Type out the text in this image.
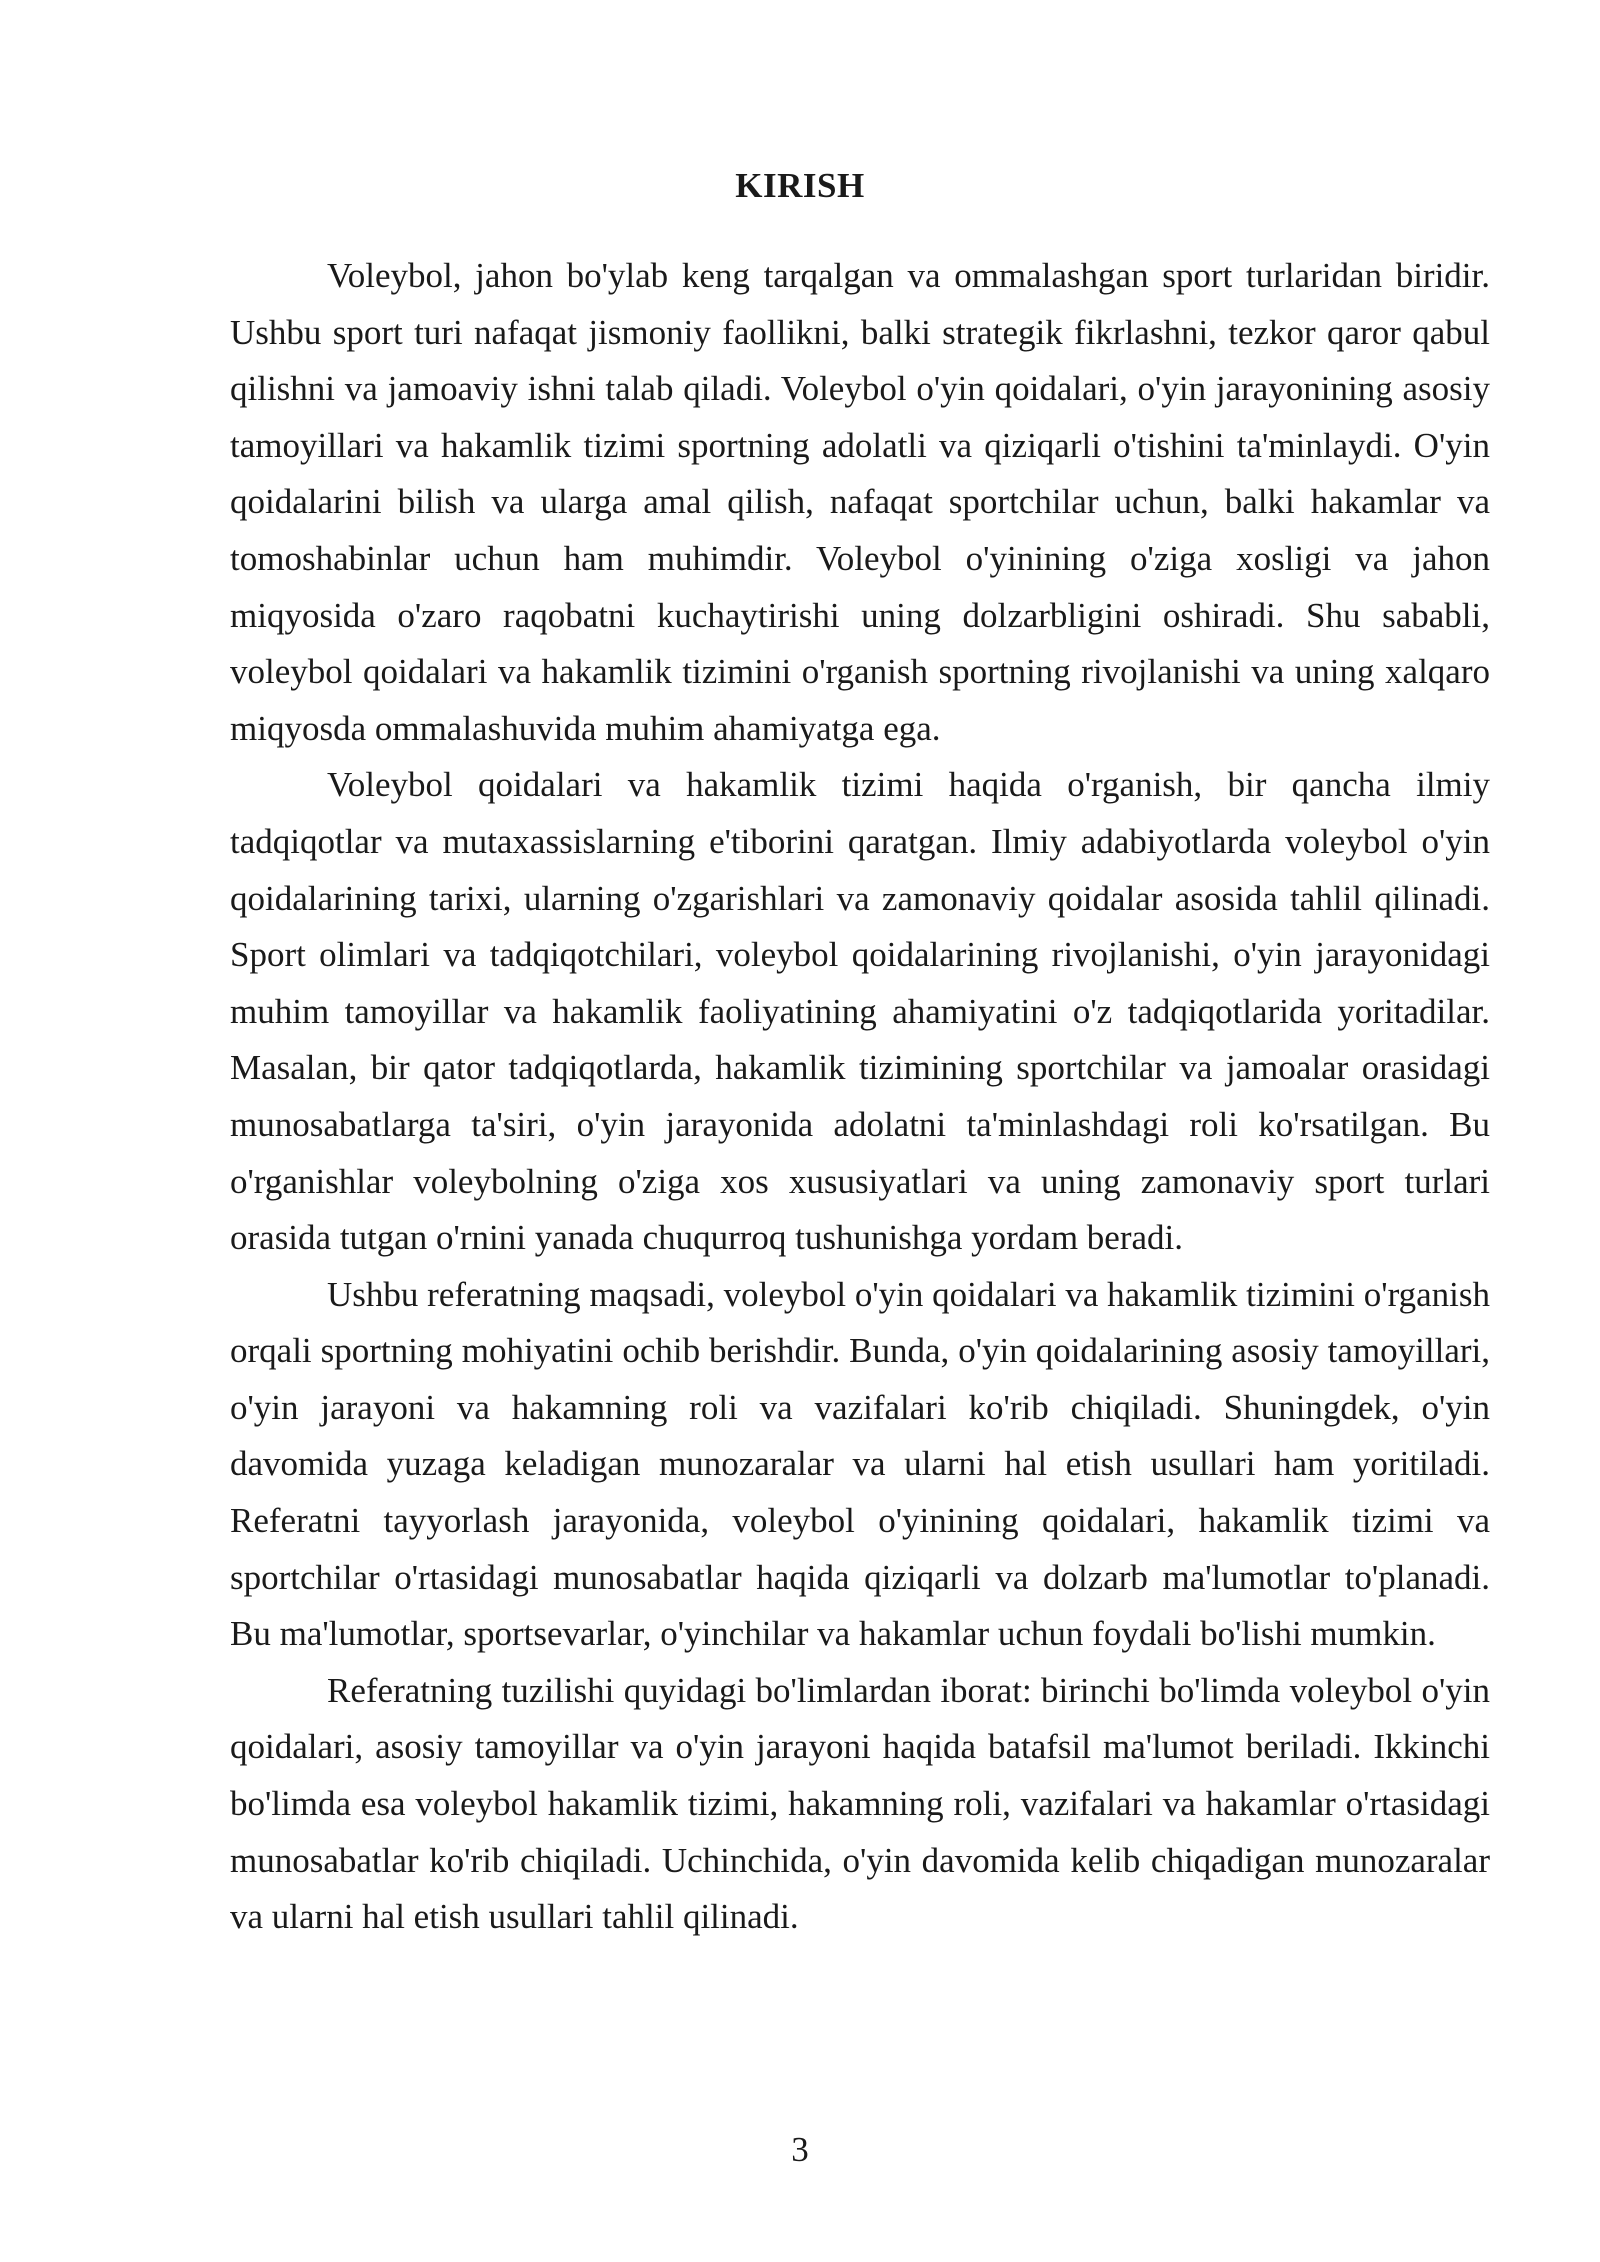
KIRISH

Voleybol, jahon bo'ylab keng tarqalgan va ommalashgan sport turlaridan biridir. Ushbu sport turi nafaqat jismoniy faollikni, balki strategik fikrlashni, tezkor qaror qabul qilishni va jamoaviy ishni talab qiladi. Voleybol o'yin qoidalari, o'yin jarayonining asosiy tamoyillari va hakamlik tizimi sportning adolatli va qiziqarli o'tishini ta'minlaydi. O'yin qoidalarini bilish va ularga amal qilish, nafaqat sportchilar uchun, balki hakamlar va tomoshabinlar uchun ham muhimdir. Voleybol o'yinining o'ziga xosligi va jahon miqyosida o'zaro raqobatni kuchaytirishi uning dolzarbligini oshiradi. Shu sababli, voleybol qoidalari va hakamlik tizimini o'rganish sportning rivojlanishi va uning xalqaro miqyosda ommalashuvida muhim ahamiyatga ega.

Voleybol qoidalari va hakamlik tizimi haqida o'rganish, bir qancha ilmiy tadqiqotlar va mutaxassislarning e'tiborini qaratgan. Ilmiy adabiyotlarda voleybol o'yin qoidalarining tarixi, ularning o'zgarishlari va zamonaviy qoidalar asosida tahlil qilinadi. Sport olimlari va tadqiqotchilari, voleybol qoidalarining rivojlanishi, o'yin jarayonidagi muhim tamoyillar va hakamlik faoliyatining ahamiyatini o'z tadqiqotlarida yoritadilar. Masalan, bir qator tadqiqotlarda, hakamlik tizimining sportchilar va jamoalar orasidagi munosabatlarga ta'siri, o'yin jarayonida adolatni ta'minlashdagi roli ko'rsatilgan. Bu o'rganishlar voleybolning o'ziga xos xususiyatlari va uning zamonaviy sport turlari orasida tutgan o'rnini yanada chuqurroq tushunishga yordam beradi.

Ushbu referatning maqsadi, voleybol o'yin qoidalari va hakamlik tizimini o'rganish orqali sportning mohiyatini ochib berishdir. Bunda, o'yin qoidalarining asosiy tamoyillari, o'yin jarayoni va hakamning roli va vazifalari ko'rib chiqiladi. Shuningdek, o'yin davomida yuzaga keladigan munozaralar va ularni hal etish usullari ham yoritiladi. Referatni tayyorlash jarayonida, voleybol o'yinining qoidalari, hakamlik tizimi va sportchilar o'rtasidagi munosabatlar haqida qiziqarli va dolzarb ma'lumotlar to'planadi. Bu ma'lumotlar, sportsevarlar, o'yinchilar va hakamlar uchun foydali bo'lishi mumkin.

Referatning tuzilishi quyidagi bo'limlardan iborat: birinchi bo'limda voleybol o'yin qoidalari, asosiy tamoyillar va o'yin jarayoni haqida batafsil ma'lumot beriladi. Ikkinchi bo'limda esa voleybol hakamlik tizimi, hakamning roli, vazifalari va hakamlar o'rtasidagi munosabatlar ko'rib chiqiladi. Uchinchida, o'yin davomida kelib chiqadigan munozaralar va ularni hal etish usullari tahlil qilinadi.

3
